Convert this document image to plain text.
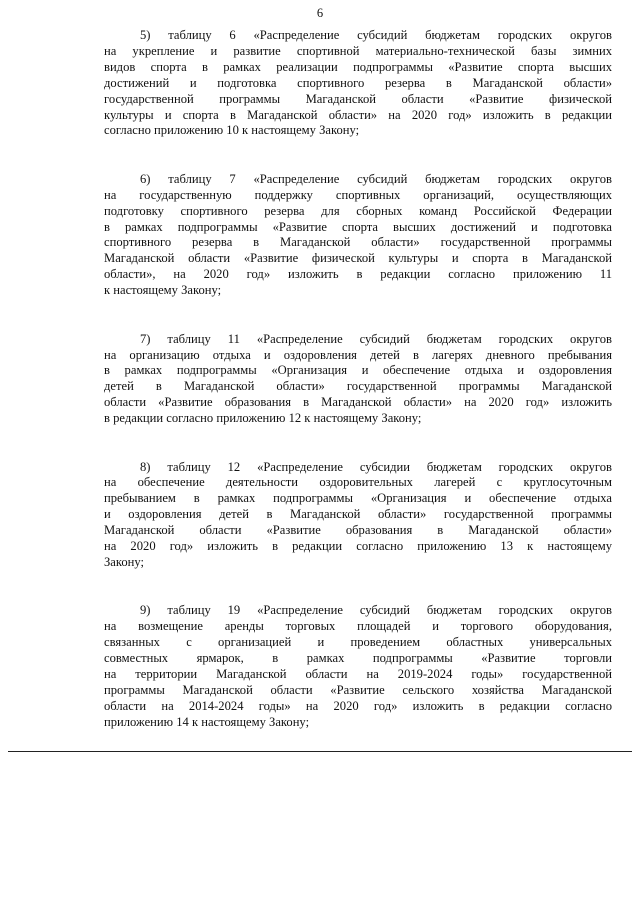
6

5) таблицу 6 «Распределение субсидий бюджетам городских округов
на укрепление и развитие спортивной материально-технической базы зимних
видов спорта в рамках реализации подпрограммы «Развитие спорта высших
достижений и подготовка спортивного резерва в Магаданской области»
государственной программы Магаданской области «Развитие физической
культуры и спорта в Магаданской области» на 2020 год» изложить в редакции
согласно приложению 10 к настоящему Закону;

6) таблицу 7 «Распределение субсидий бюджетам городских округов
на государственную поддержку спортивных организаций, осуществляющих
подготовку спортивного резерва для сборных команд Российской Федерации
в рамках подпрограммы «Развитие спорта высших достижений и подготовка
спортивного резерва в Магаданской области» государственной программы
Магаданской области «Развитие физической культуры и спорта в Магаданской
области», на 2020 год» изложить в редакции согласно приложению 11
к настоящему Закону;

7) таблицу 11 «Распределение субсидий бюджетам городских округов
на организацию отдыха и оздоровления детей в лагерях дневного пребывания
в рамках подпрограммы «Организация и обеспечение отдыха и оздоровления
детей в Магаданской области» государственной программы Магаданской
области «Развитие образования в Магаданской области» на 2020 год» изложить
в редакции согласно приложению 12 к настоящему Закону;

8) таблицу 12 «Распределение субсидии бюджетам городских округов
на обеспечение деятельности оздоровительных лагерей с круглосуточным
пребыванием в рамках подпрограммы «Организация и обеспечение отдыха
и оздоровления детей в Магаданской области» государственной программы
Магаданской области «Развитие образования в Магаданской области»
на 2020 год» изложить в редакции согласно приложению 13 к настоящему
Закону;

9) таблицу 19 «Распределение субсидий бюджетам городских округов
на возмещение аренды торговых площадей и торгового оборудования,
связанных с организацией и проведением областных универсальных
совместных ярмарок, в рамках подпрограммы «Развитие торговли
на территории Магаданской области на 2019-2024 годы» государственной
программы Магаданской области «Развитие сельского хозяйства Магаданской
области на 2014-2024 годы» на 2020 год» изложить в редакции согласно
приложению 14 к настоящему Закону;
